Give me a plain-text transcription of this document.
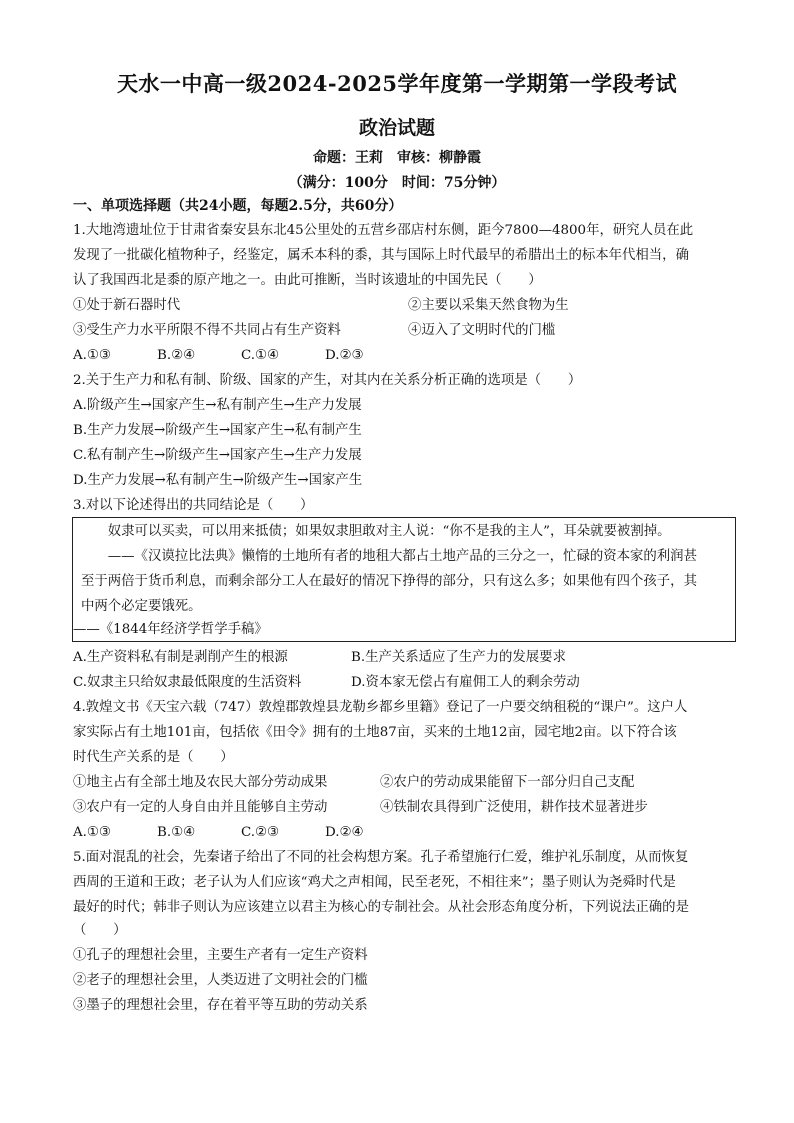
天水一中高一级2024-2025学年度第一学期第一学段考试
政治试题
命题：王莉　审核：柳静霞
（满分：100分　时间：75分钟）
一、单项选择题（共24小题，每题2.5分，共60分）
1.大地湾遗址位于甘肃省秦安县东北45公里处的五营乡邵店村东侧，距今7800—4800年，研究人员在此
发现了一批碳化植物种子，经鉴定，属禾本科的黍，其与国际上时代最早的希腊出土的标本年代相当，确
认了我国西北是黍的原产地之一。由此可推断，当时该遗址的中国先民（　　）
①处于新石器时代	②主要以采集天然食物为生
③受生产力水平所限不得不共同占有生产资料	④迈入了文明时代的门槛
A.①③	B.②④	C.①④	D.②③
2.关于生产力和私有制、阶级、国家的产生，对其内在关系分析正确的选项是（　　）
A.阶级产生→国家产生→私有制产生→生产力发展
B.生产力发展→阶级产生→国家产生→私有制产生
C.私有制产生→阶级产生→国家产生→生产力发展
D.生产力发展→私有制产生→阶级产生→国家产生
3.对以下论述得出的共同结论是（　　）
　　奴隶可以买卖，可以用来抵债；如果奴隶胆敢对主人说：“你不是我的主人”，耳朵就要被割掉。
　　——《汉谟拉比法典》懒惰的土地所有者的地租大都占土地产品的三分之一，忙碌的资本家的利润甚
至于两倍于货币利息，而剩余部分工人在最好的情况下挣得的部分，只有这么多；如果他有四个孩子，其
中两个必定要饿死。
——《1844年经济学哲学手稿》
A.生产资料私有制是剥削产生的根源	B.生产关系适应了生产力的发展要求
C.奴隶主只给奴隶最低限度的生活资料	D.资本家无偿占有雇佣工人的剩余劳动
4.敦煌文书《天宝六载（747）敦煌郡敦煌县龙勒乡都乡里籍》登记了一户要交纳租税的“课户”。这户人
家实际占有土地101亩，包括依《田令》拥有的土地87亩，买来的土地12亩，园宅地2亩。以下符合该
时代生产关系的是（　　）
①地主占有全部土地及农民大部分劳动成果	②农户的劳动成果能留下一部分归自己支配
③农户有一定的人身自由并且能够自主劳动	④铁制农具得到广泛使用，耕作技术显著进步
A.①③	B.①④	C.②③	D.②④
5.面对混乱的社会，先秦诸子给出了不同的社会构想方案。孔子希望施行仁爱，维护礼乐制度，从而恢复
西周的王道和王政；老子认为人们应该“鸡犬之声相闻，民至老死，不相往来”；墨子则认为尧舜时代是
最好的时代；韩非子则认为应该建立以君主为核心的专制社会。从社会形态角度分析，下列说法正确的是
（　　）
①孔子的理想社会里，主要生产者有一定生产资料
②老子的理想社会里，人类迈进了文明社会的门槛
③墨子的理想社会里，存在着平等互助的劳动关系
